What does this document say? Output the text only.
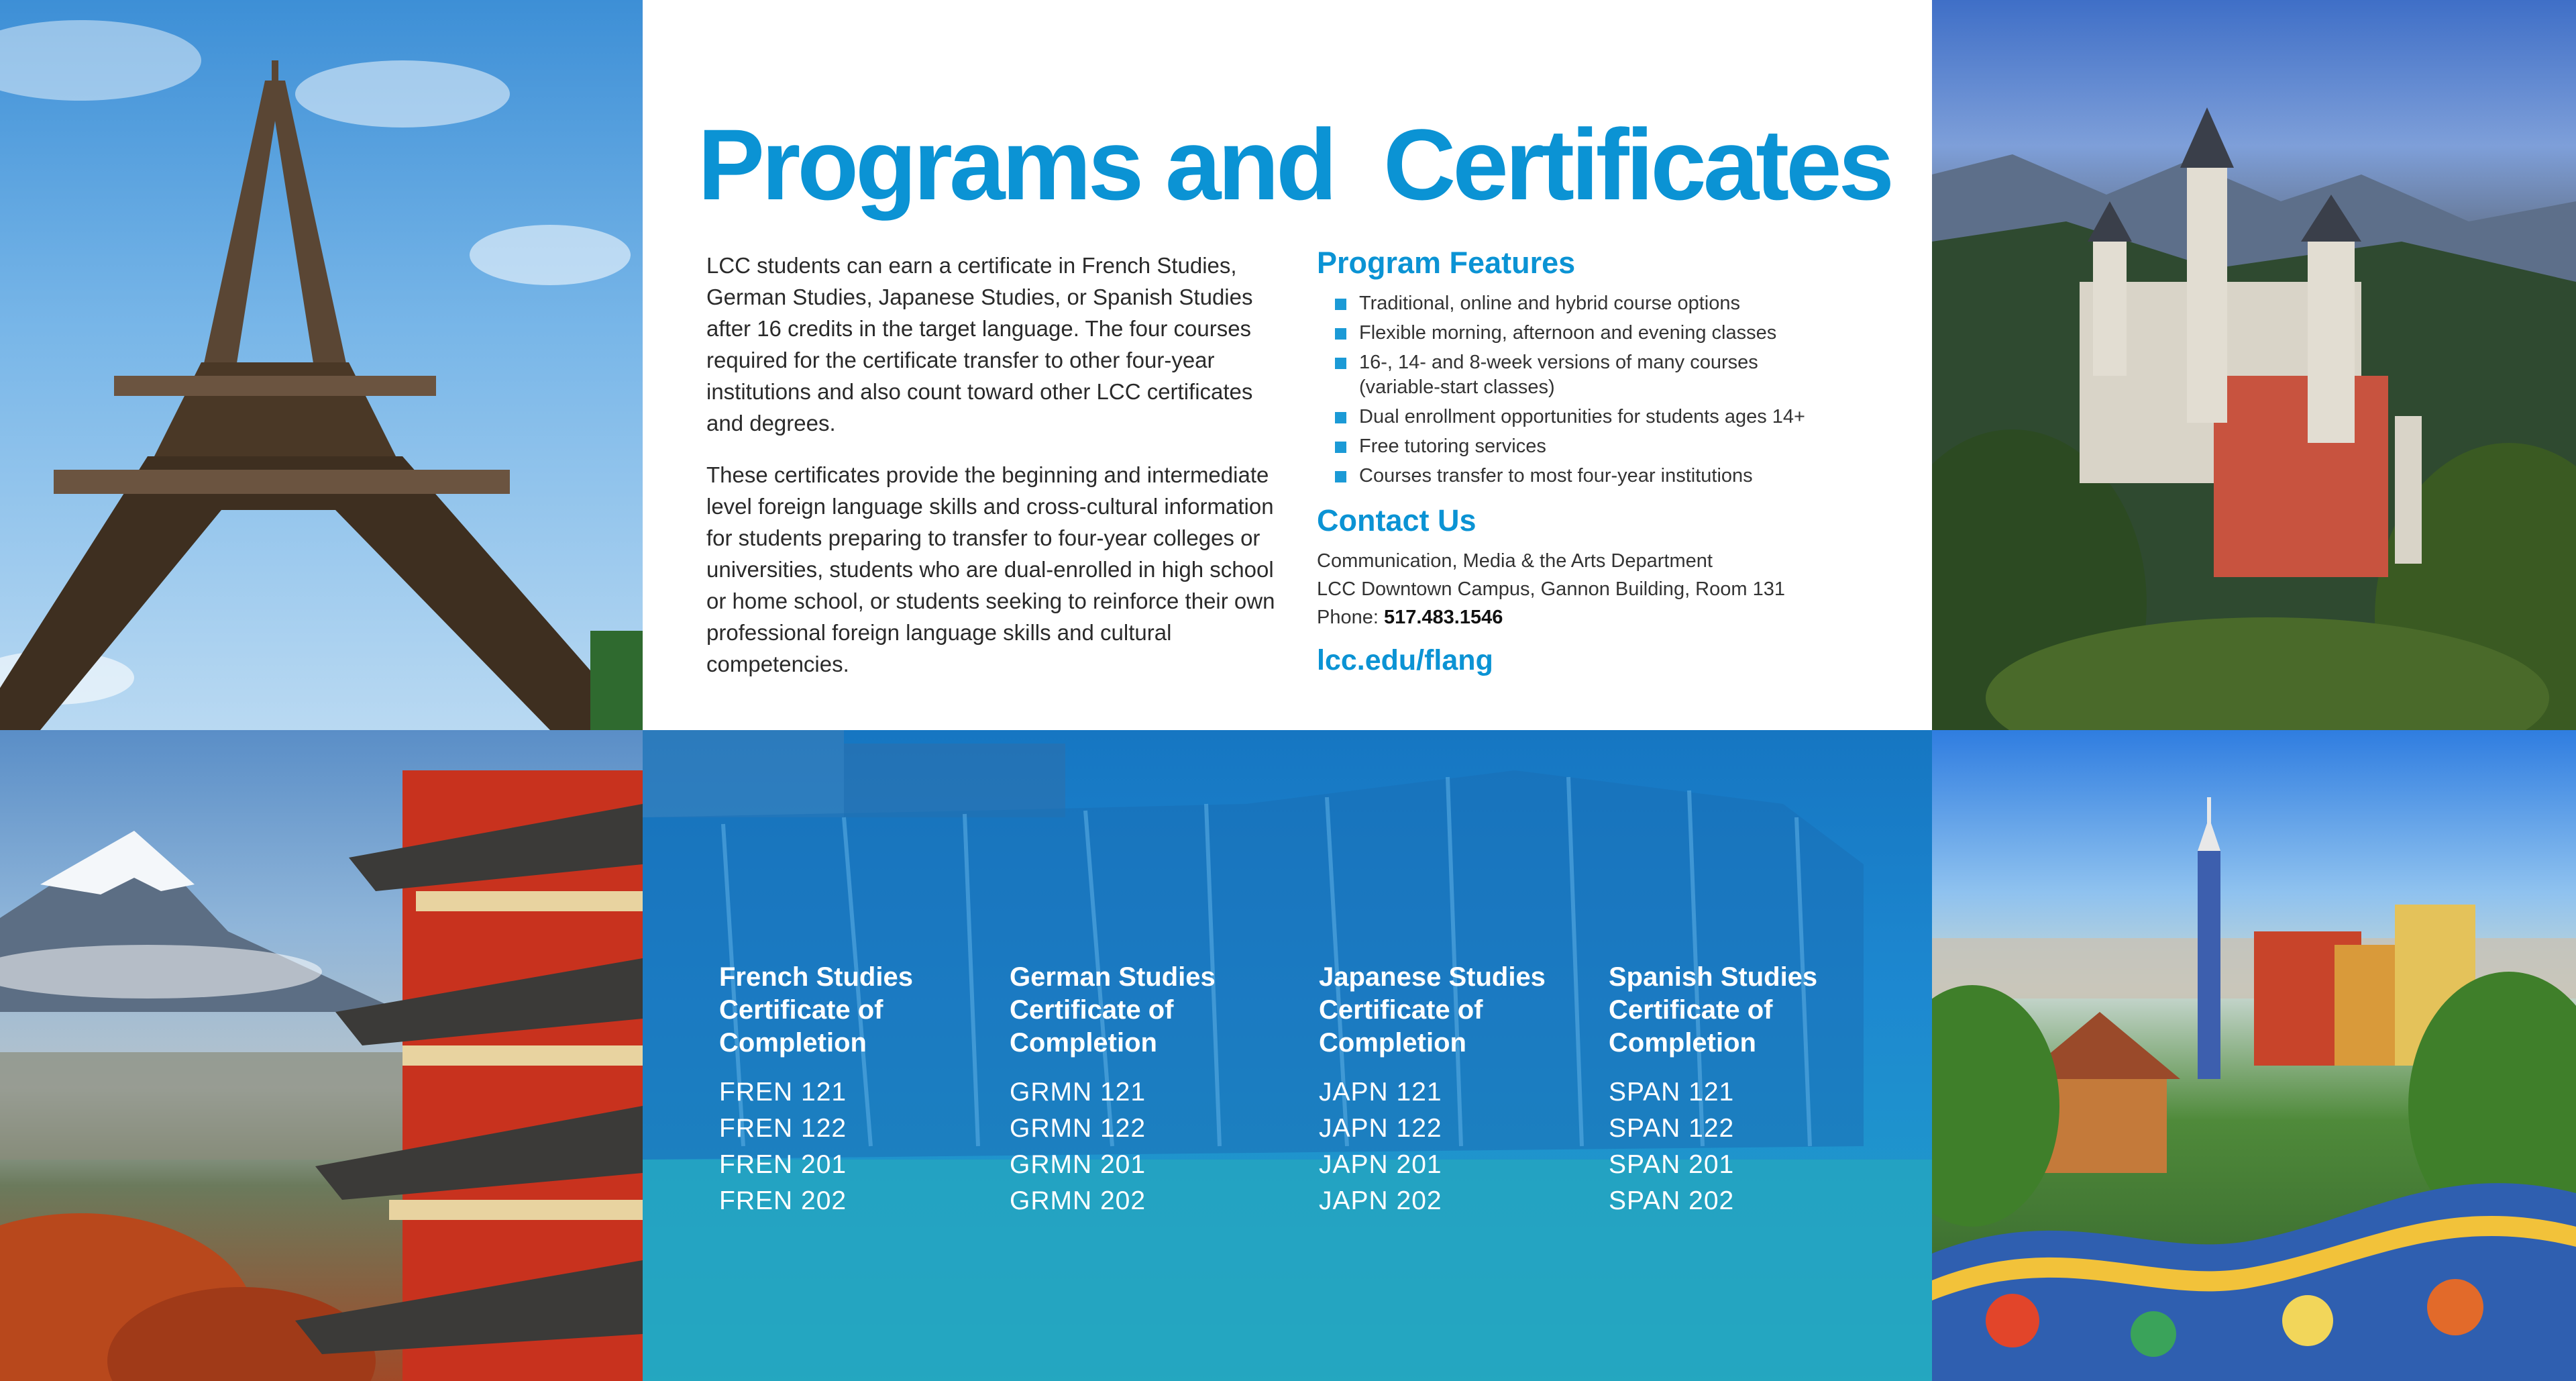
Programs and Certificates

LCC students can earn a certificate in French Studies, German Studies, Japanese Studies, or Spanish Studies after 16 credits in the target language. The four courses required for the certificate transfer to other four-year institutions and also count toward other LCC certificates and degrees.

These certificates provide the beginning and intermediate level foreign language skills and cross-cultural information for students preparing to transfer to four-year colleges or universities, students who are dual-enrolled in high school or home school, or students seeking to reinforce their own professional foreign language skills and cultural competencies.

Program Features
Traditional, online and hybrid course options
Flexible morning, afternoon and evening classes
16-, 14- and 8-week versions of many courses (variable-start classes)
Dual enrollment opportunities for students ages 14+
Free tutoring services
Courses transfer to most four-year institutions
Contact Us

Communication, Media & the Arts Department

LCC Downtown Campus, Gannon Building, Room 131

Phone: 517.483.1546

lcc.edu/flang

French Studies
Certificate of
Completion

FREN 121

FREN 122

FREN 201

FREN 202

German Studies
Certificate of
Completion

GRMN 121

GRMN 122

GRMN 201

GRMN 202

Japanese Studies
Certificate of
Completion

JAPN 121

JAPN 122

JAPN 201

JAPN 202

Spanish Studies
Certificate of
Completion

SPAN 121

SPAN 122

SPAN 201

SPAN 202
